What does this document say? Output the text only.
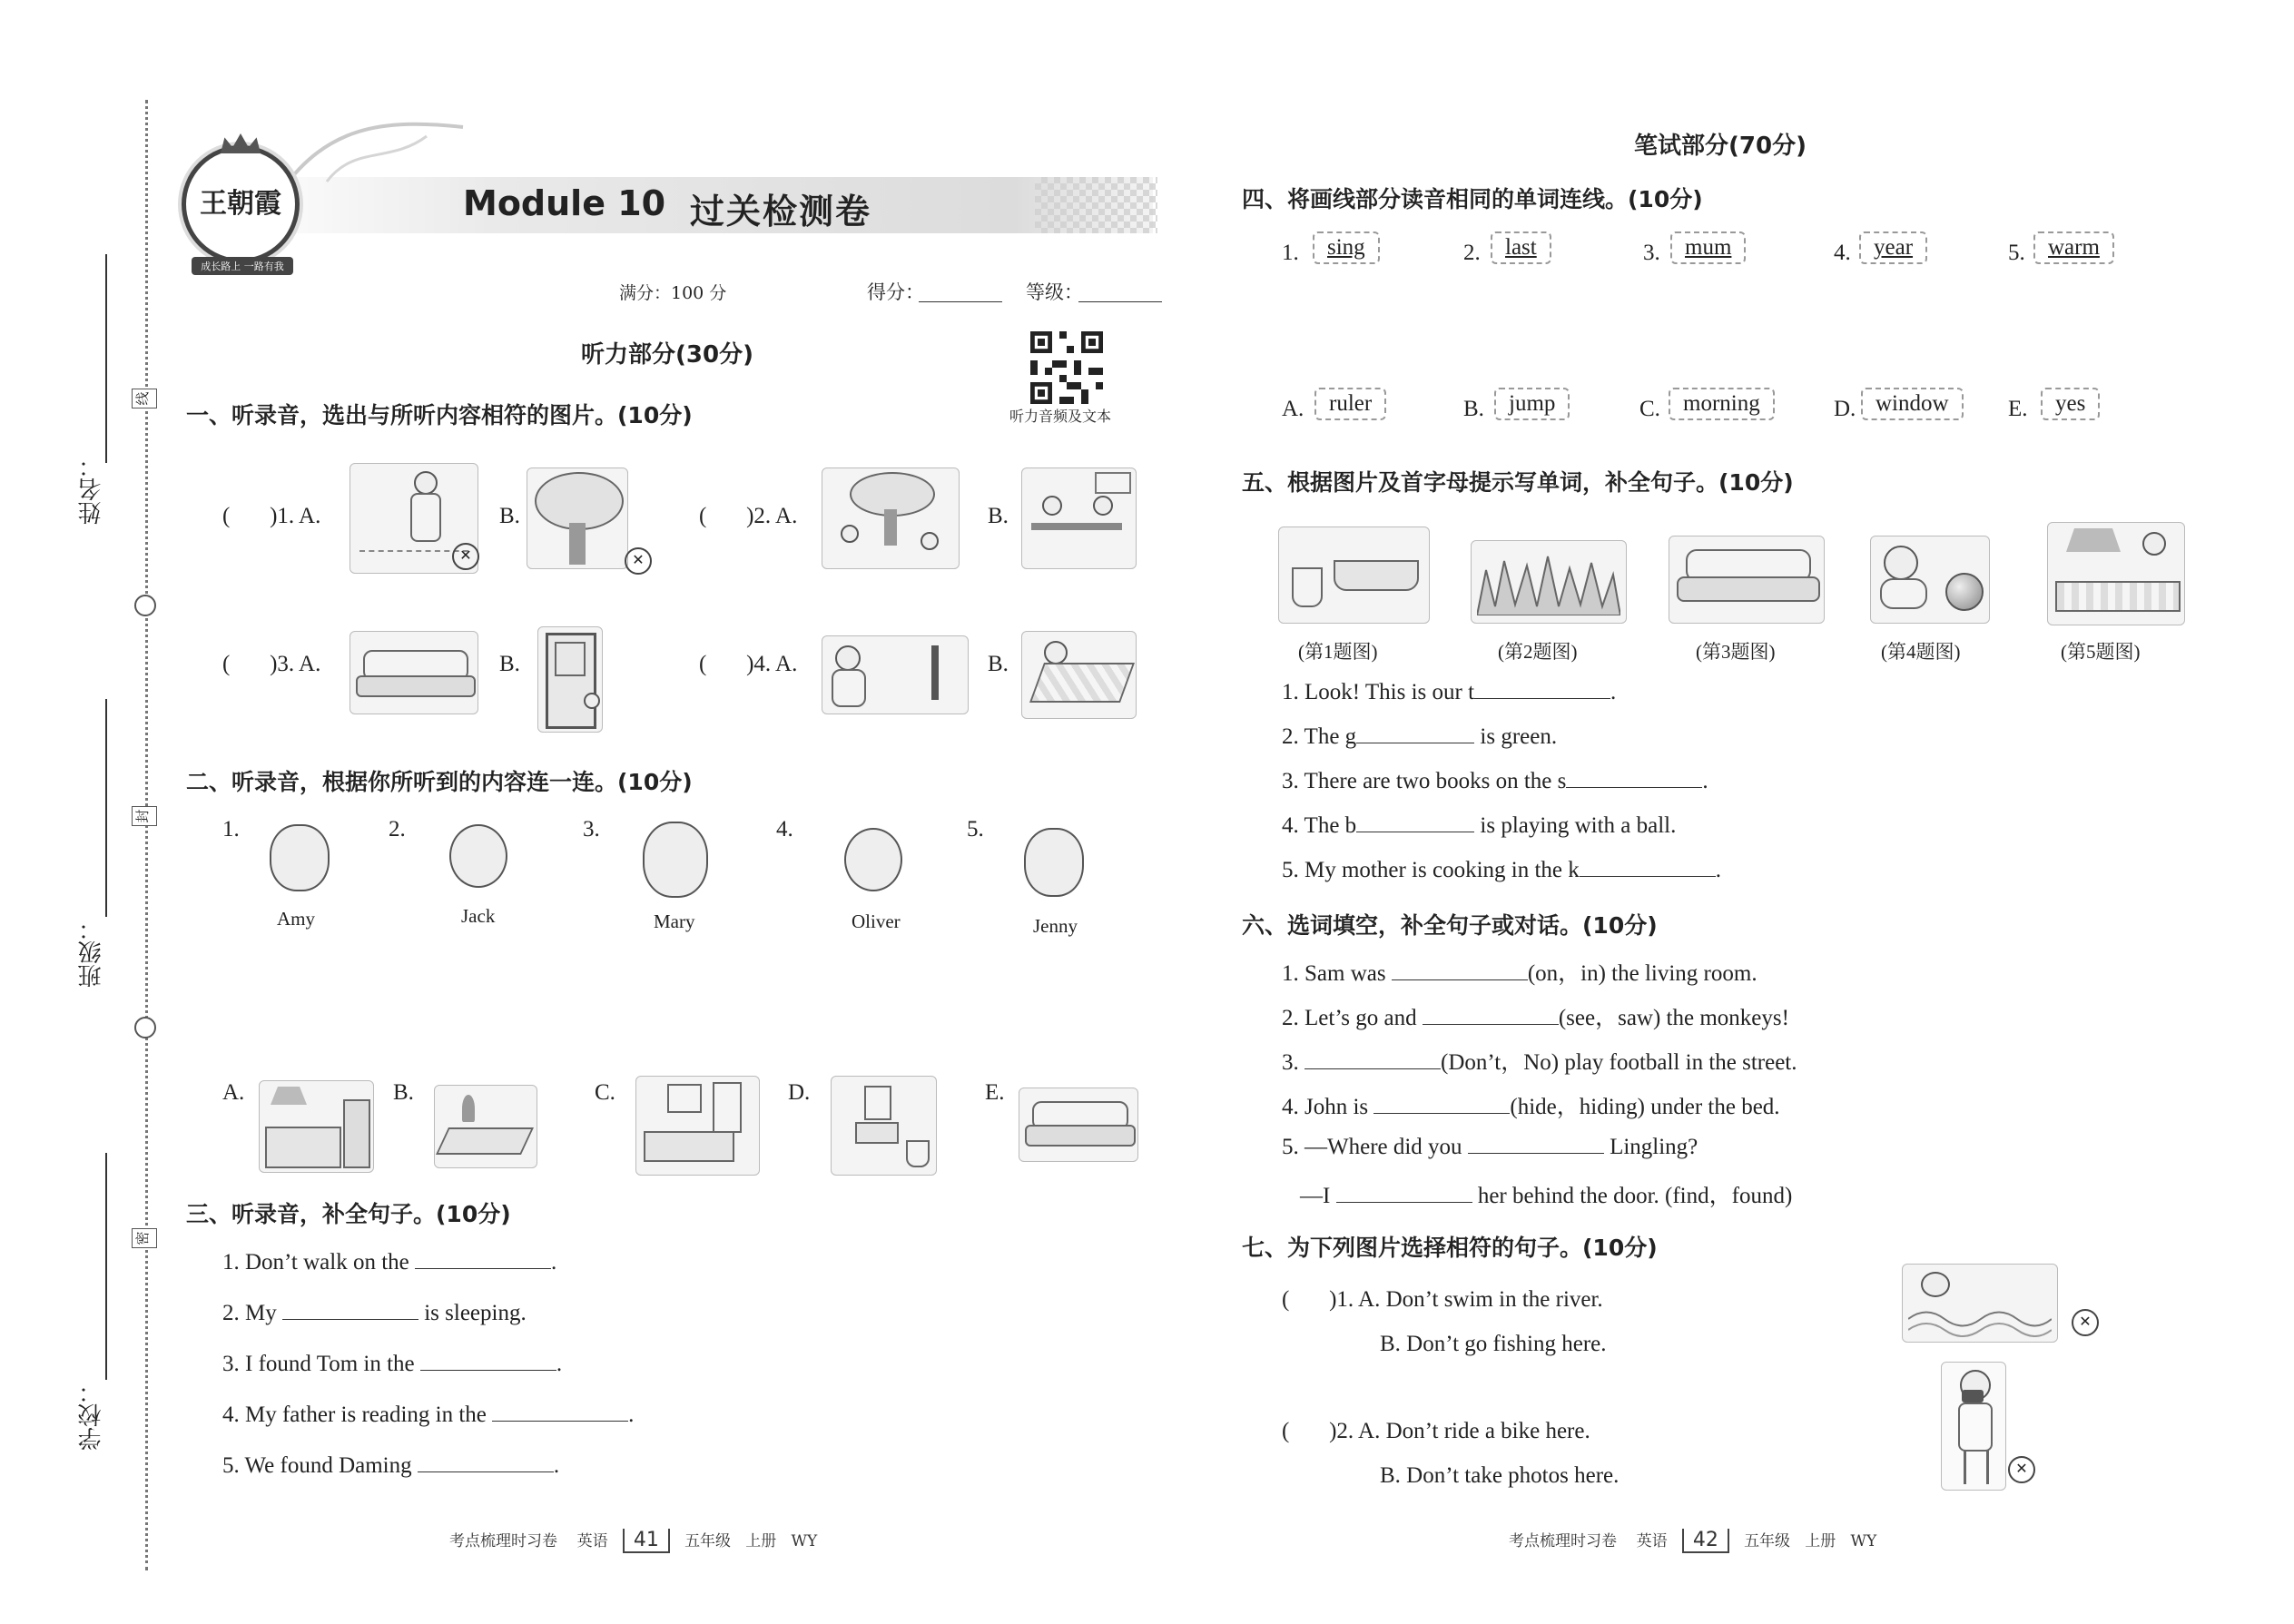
姓名：
班级：
学校：
线
封
密
王朝霞
成长路上 一路有我
Module 10 过关检测卷
满分：100 分	得分：	等级：
听力音频及文本
听力部分(30分)
一、听录音，选出与所听内容相符的图片。(10分)
(       )1. A.
✕
B.
✕
(       )2. A.	B.
(       )3. A.	B.	(       )4. A.	B.
二、听录音，根据你所听到的内容连一连。(10分)
1.
Amy
2.
Jack
3.
Mary
4.
Oliver
5.
Jenny
A.	B.	C.	D.	E.
三、听录音，补全句子。(10分)
1. Don’t walk on the	.
2. My	is sleeping.
3. I found Tom in the	.
4. My father is reading in the	.
5. We found Daming	.
考点梳理时习卷 英语 41 五年级 上册 WY
笔试部分(70分)
四、将画线部分读音相同的单词连线。(10分)
1.	sing	2.	last	3.	mum	4.	year	5.	warm
A.	ruler	B.	jump	C.	morning	D. window	E.	yes
五、根据图片及首字母提示写单词，补全句子。(10分)
(第1题图)	(第2题图)	(第3题图)	(第4题图)	(第5题图)
1. Look! This is our t	.
2. The g	is green.
3. There are two books on the s	.
4. The b	is playing with a ball.
5. My mother is cooking in the k	.
六、选词填空，补全句子或对话。(10分)
1. Sam was	(on，in) the living room.
2. Let’s go and	(see，saw) the monkeys!
3.	(Don’t，No) play football in the street.
4. John is	(hide，hiding) under the bed.
5. —Where did you	Lingling?
—I	her behind the door. (find，found)
七、为下列图片选择相符的句子。(10分)
(       )1. A. Don’t swim in the river.
B. Don’t go fishing here.
(       )2. A. Don’t ride a bike here.
B. Don’t take photos here.
✕
✕
考点梳理时习卷 英语 42 五年级 上册 WY
